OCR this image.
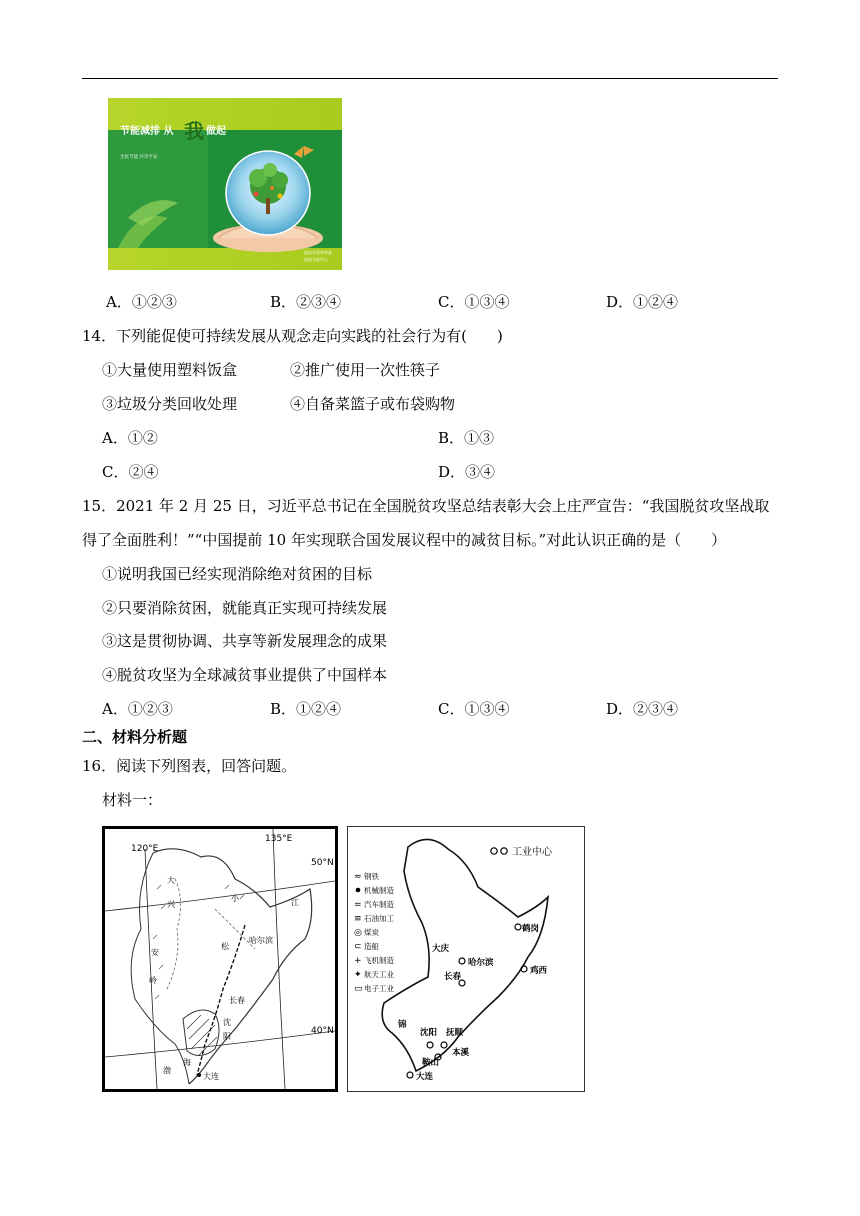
节能减排 从 我 做起
全民节能 共享平安
国家发展改革委
国家节能中心
A．①②③	B．②③④	C．①③④	D．①②④
14．下列能促使可持续发展从观念走向实践的社会行为有(　　)
①大量使用塑料饭盒	②推广使用一次性筷子
③垃圾分类回收处理	④自备菜篮子或布袋购物
A．①②	B．①③
C．②④	D．③④
15．2021 年 2 月 25 日，习近平总书记在全国脱贫攻坚总结表彰大会上庄严宣告：“我国脱贫攻坚战取
得了全面胜利！”“中国提前 10 年实现联合国发展议程中的减贫目标。”对此认识正确的是（　　）
①说明我国已经实现消除绝对贫困的目标
②只要消除贫困，就能真正实现可持续发展
③这是贯彻协调、共享等新发展理念的成果
④脱贫攻坚为全球减贫事业提供了中国样本
A．①②③	B．①②④	C．①③④	D．②③④
二、材料分析题
16．阅读下列图表，回答问题。
材料一：
120°E
135°E
50°N
40°N
大
兴
安
岭
小	江
松
哈尔滨
长春
沈
阳
渤
海
大连
工业中心
≈ 钢铁
机械制造
= 汽车制造
≡ 石油加工
◎ 煤炭
⊂ 造船
+ 飞机制造
✦ 航天工业
▭ 电子工业
鹤岗
大庆
哈尔滨
鸡西
长春
沈阳 抚顺
本溪
鞍山
大连
锦
